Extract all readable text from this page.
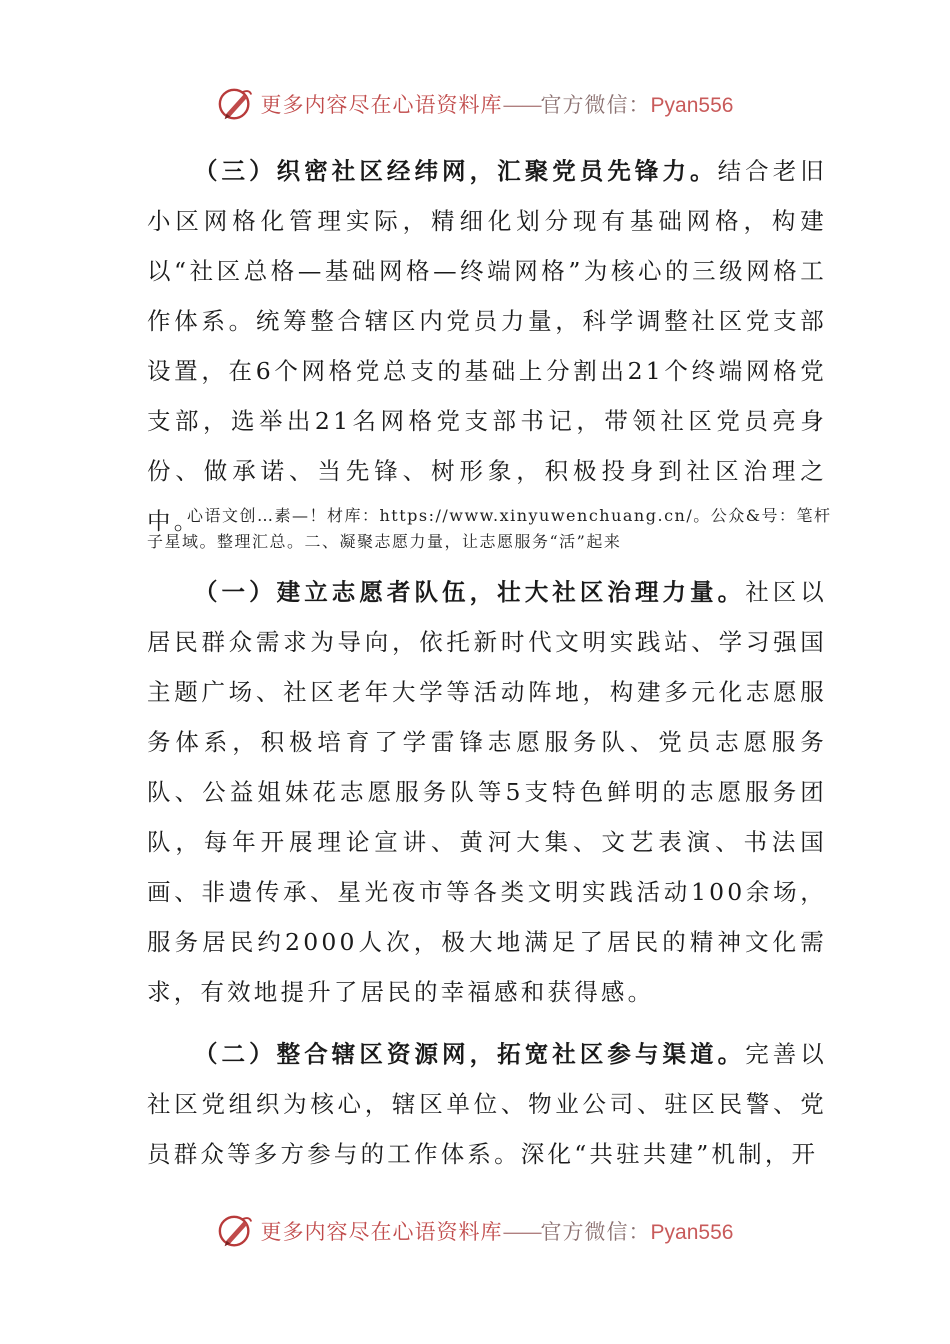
更多内容尽在心语资料库——官方微信：Pyan556
（三）织密社区经纬网，汇聚党员先锋力。结合老旧小区网格化管理实际，精细化划分现有基础网格，构建以“社区总格—基础网格—终端网格”为核心的三级网格工作体系。统筹整合辖区内党员力量，科学调整社区党支部设置，在6个网格党总支的基础上分割出21个终端网格党支部，选举出21名网格党支部书记，带领社区党员亮身份、做承诺、当先锋、树形象，积极投身到社区治理之中。
心语文创…素—！材库：https://www.xinyuwenchuang.cn/。公众&号：笔杆子星域。整理汇总。二、凝聚志愿力量，让志愿服务“活”起来
（一）建立志愿者队伍，壮大社区治理力量。社区以居民群众需求为导向，依托新时代文明实践站、学习强国主题广场、社区老年大学等活动阵地，构建多元化志愿服务体系，积极培育了学雷锋志愿服务队、党员志愿服务队、公益姐妹花志愿服务队等5支特色鲜明的志愿服务团队，每年开展理论宣讲、黄河大集、文艺表演、书法国画、非遗传承、星光夜市等各类文明实践活动100余场，服务居民约2000人次，极大地满足了居民的精神文化需求，有效地提升了居民的幸福感和获得感。
（二）整合辖区资源网，拓宽社区参与渠道。完善以社区党组织为核心，辖区单位、物业公司、驻区民警、党员群众等多方参与的工作体系。深化“共驻共建”机制，开
更多内容尽在心语资料库——官方微信：Pyan556
